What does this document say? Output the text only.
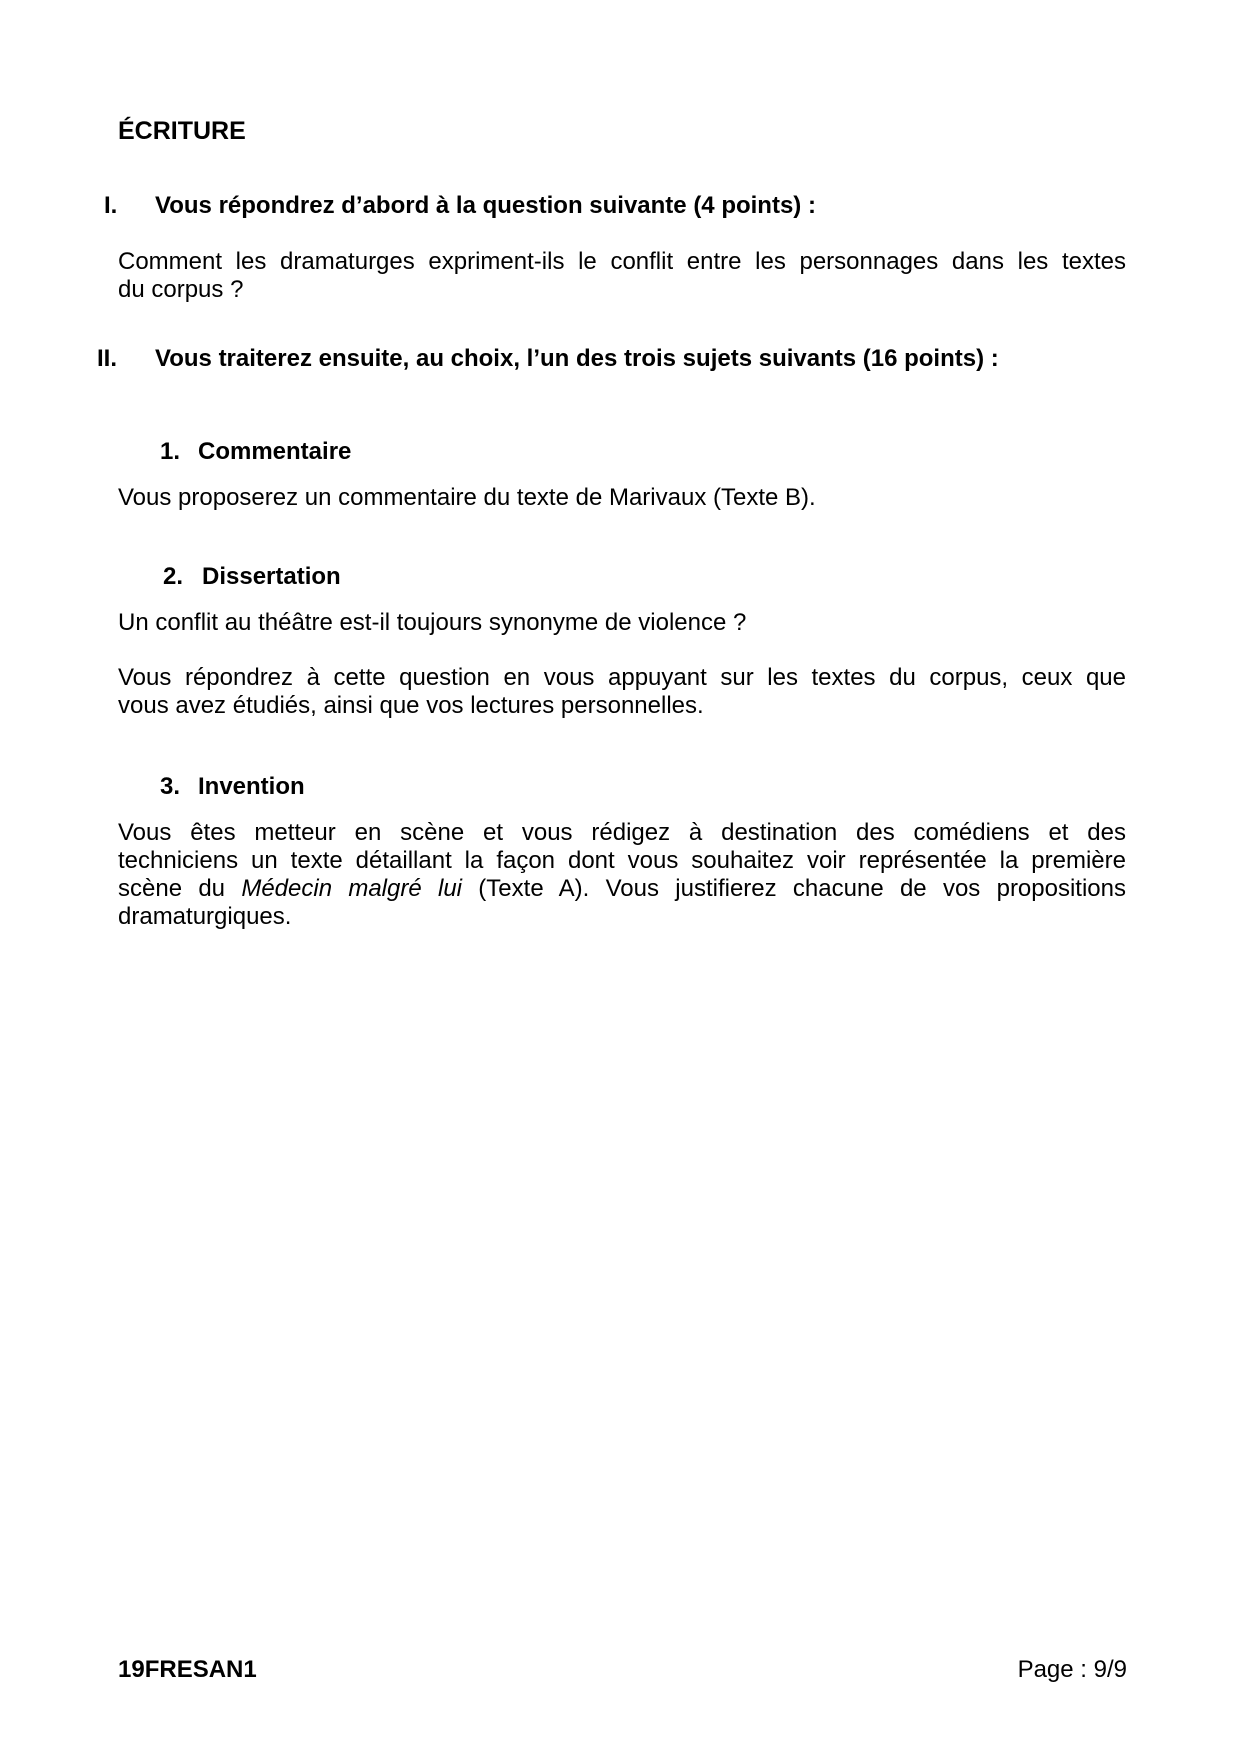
ÉCRITURE
I. Vous répondrez d’abord à la question suivante (4 points) :
Comment les dramaturges expriment-ils le conflit entre les personnages dans les textes
du corpus ?
II. Vous traiterez ensuite, au choix, l’un des trois sujets suivants (16 points) :
1. Commentaire
Vous proposerez un commentaire du texte de Marivaux (Texte B).
2. Dissertation
Un conflit au théâtre est-il toujours synonyme de violence ?
Vous répondrez à cette question en vous appuyant sur les textes du corpus, ceux que
vous avez étudiés, ainsi que vos lectures personnelles.
3. Invention
Vous êtes metteur en scène et vous rédigez à destination des comédiens et des
techniciens un texte détaillant la façon dont vous souhaitez voir représentée la première
scène du Médecin malgré lui (Texte A). Vous justifierez chacune de vos propositions
dramaturgiques.
19FRESAN1	Page : 9/9
